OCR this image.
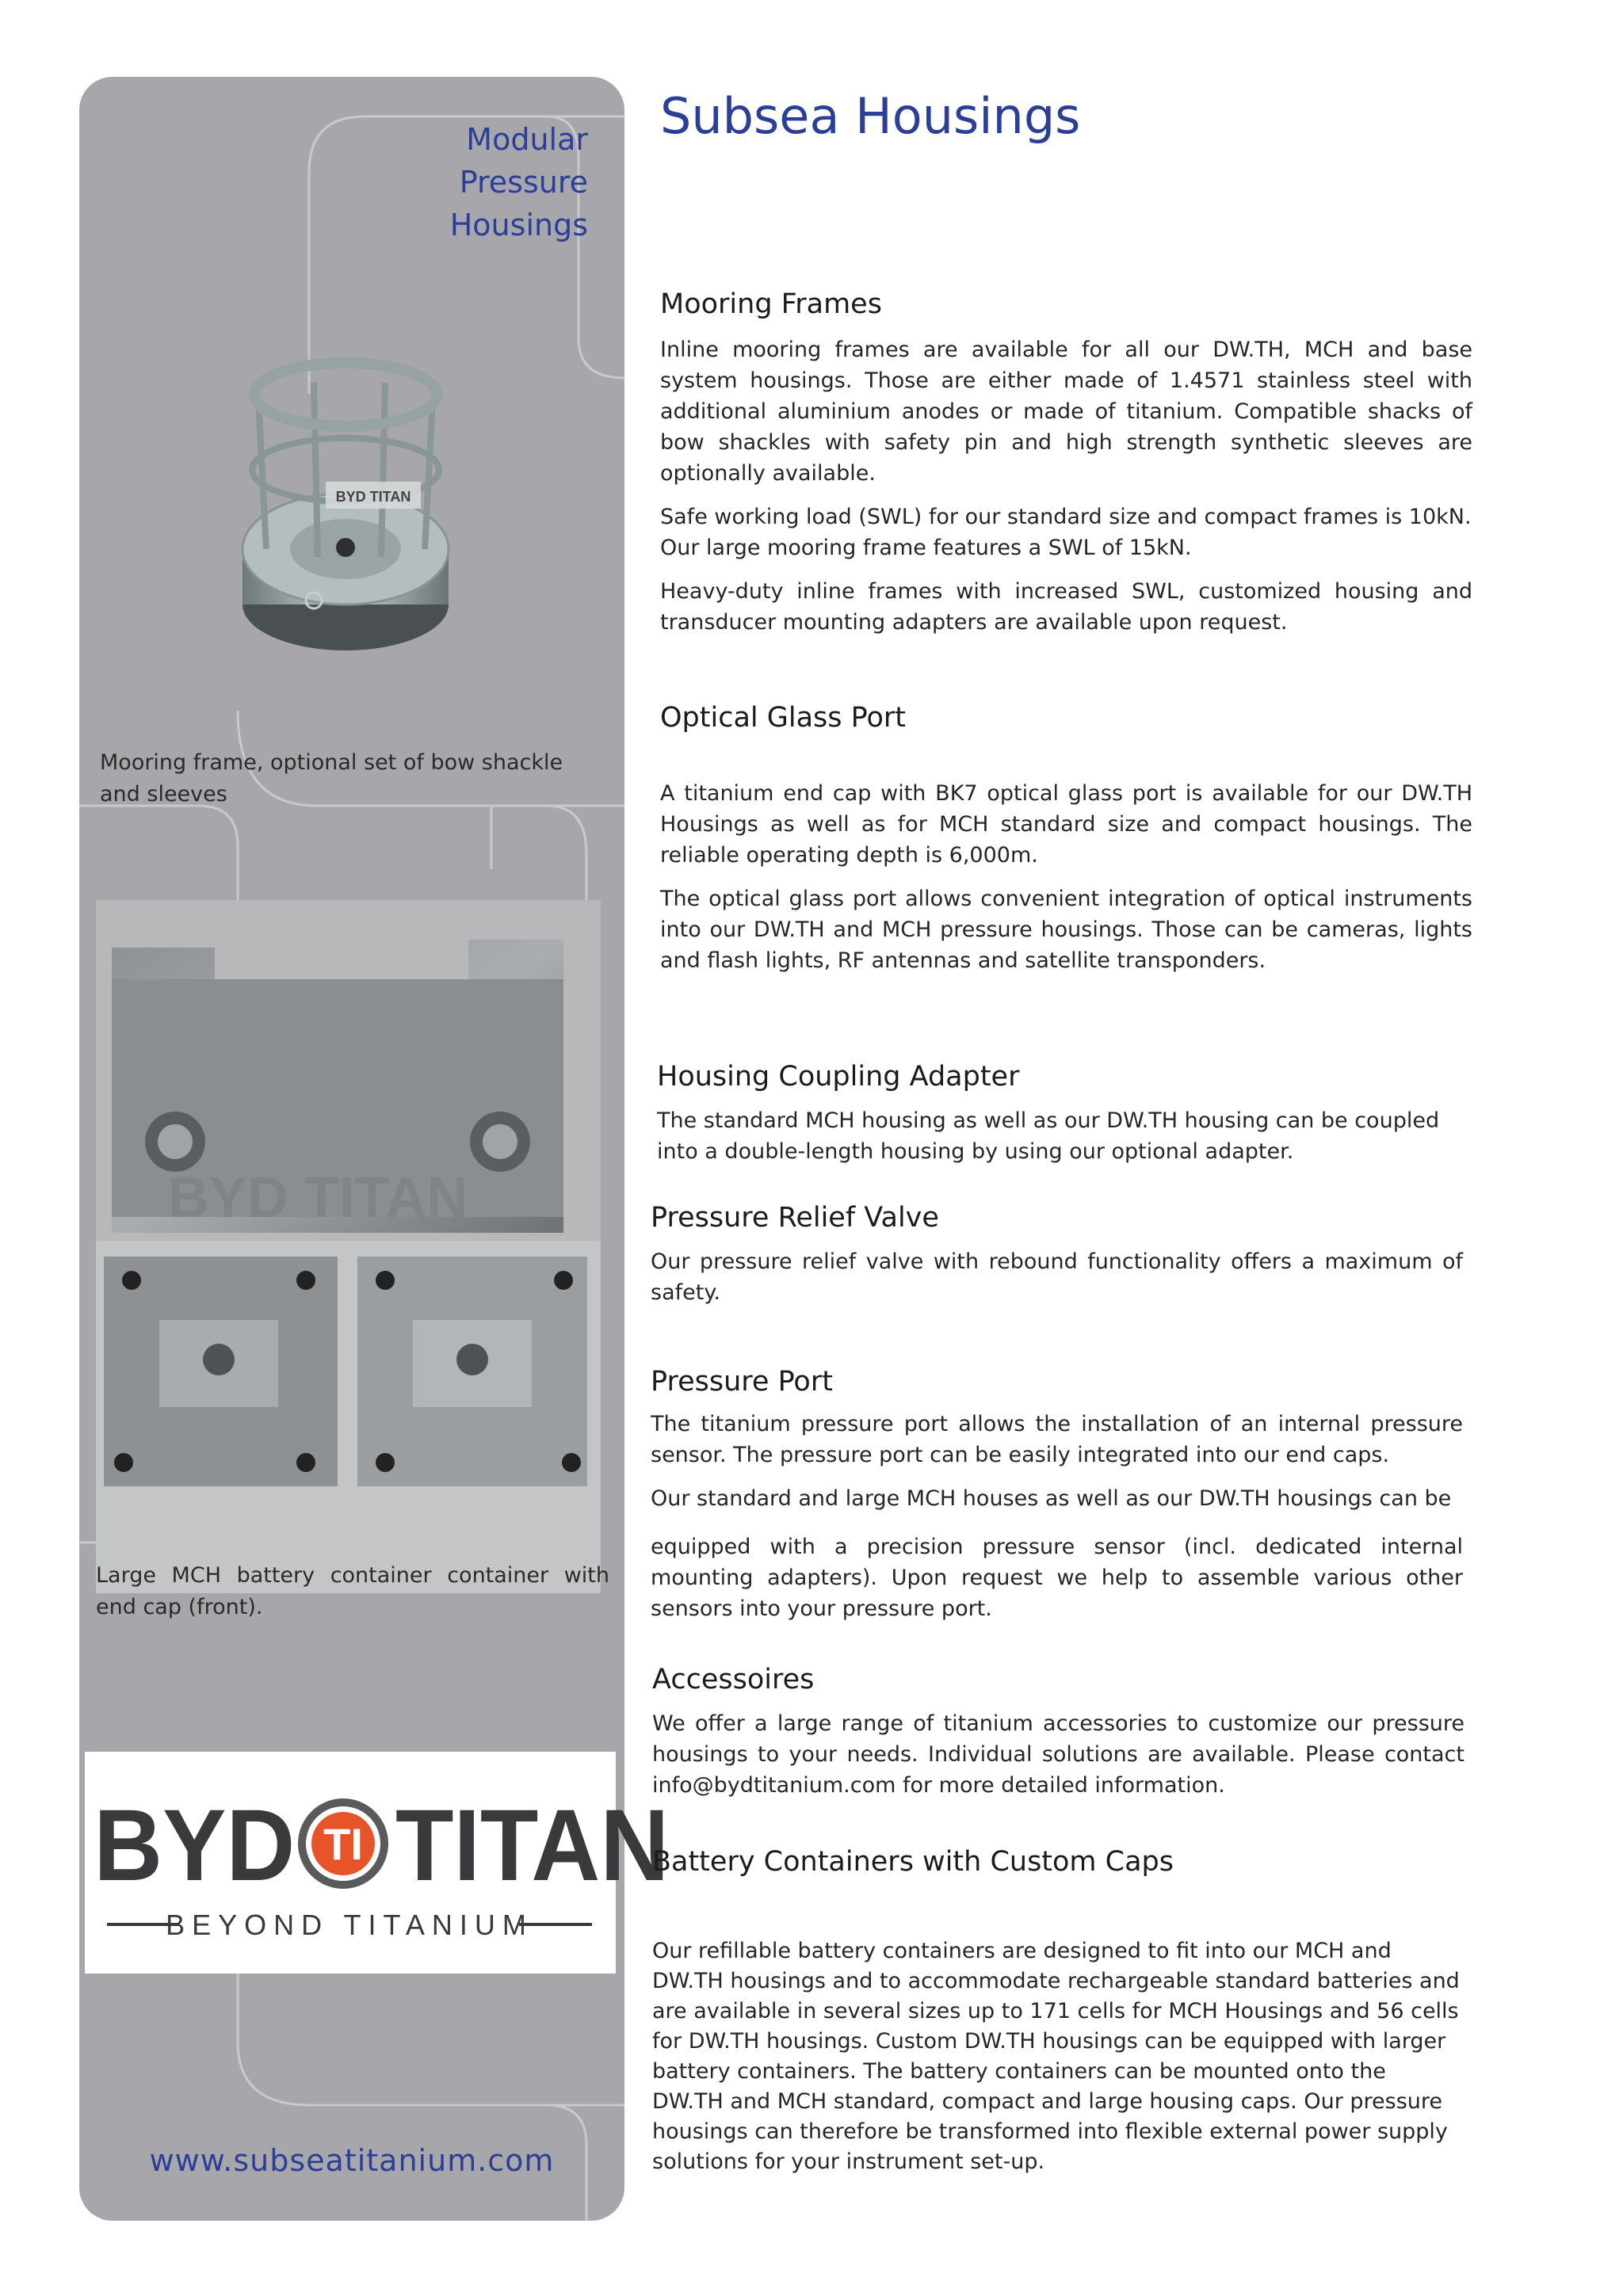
Modular
Pressure
Housings
BYD TITAN
Mooring frame, optional set of bow shackle and sleeves
BYD TITAN
Large MCH battery container container with end cap (front).
BYD TI TITAN
BEYOND TITANIUM
www.subseatitanium.com
Subsea Housings
Mooring Frames

Inline mooring frames are available for all our DW.TH, MCH and base system housings. Those are either made of 1.4571 stainless steel with additional aluminium anodes or made of titanium. Compatible shacks of bow shackles with safety pin and high strength synthetic sleeves are optionally available.

Safe working load (SWL) for our standard size and compact frames is 10kN. Our large mooring frame features a SWL of 15kN.

Heavy-duty inline frames with increased SWL, customized housing and transducer mounting adapters are available upon request.

Optical Glass Port

A titanium end cap with BK7 optical glass port is available for our DW.TH Housings as well as for MCH standard size and compact housings. The reliable operating depth is 6,000m.

The optical glass port allows convenient integration of optical instruments into our DW.TH and MCH pressure housings. Those can be cameras, lights and flash lights, RF antennas and satellite transponders.

Housing Coupling Adapter

The standard MCH housing as well as our DW.TH housing can be coupled into a double-length housing by using our optional adapter.

Pressure Relief Valve

Our pressure relief valve with rebound functionality offers a maximum of safety.

Pressure Port

The titanium pressure port allows the installation of an internal pressure sensor. The pressure port can be easily integrated into our end caps.

Our standard and large MCH houses as well as our DW.TH housings can be

equipped with a precision pressure sensor (incl. dedicated internal mounting adapters). Upon request we help to assemble various other sensors into your pressure port.

Accessoires

We offer a large range of titanium accessories to customize our pressure housings to your needs. Individual solutions are available. Please contact info@bydtitanium.com for more detailed information.

Battery Containers with Custom Caps

Our refillable battery containers are designed to fit into our MCH and DW.TH housings and to accommodate rechargeable standard batteries and are available in several sizes up to 171 cells for MCH Housings and 56 cells for DW.TH housings. Custom DW.TH housings can be equipped with larger battery containers. The battery containers can be mounted onto the DW.TH and MCH standard, compact and large housing caps. Our pressure housings can therefore be transformed into flexible external power supply solutions for your instrument set-up.
